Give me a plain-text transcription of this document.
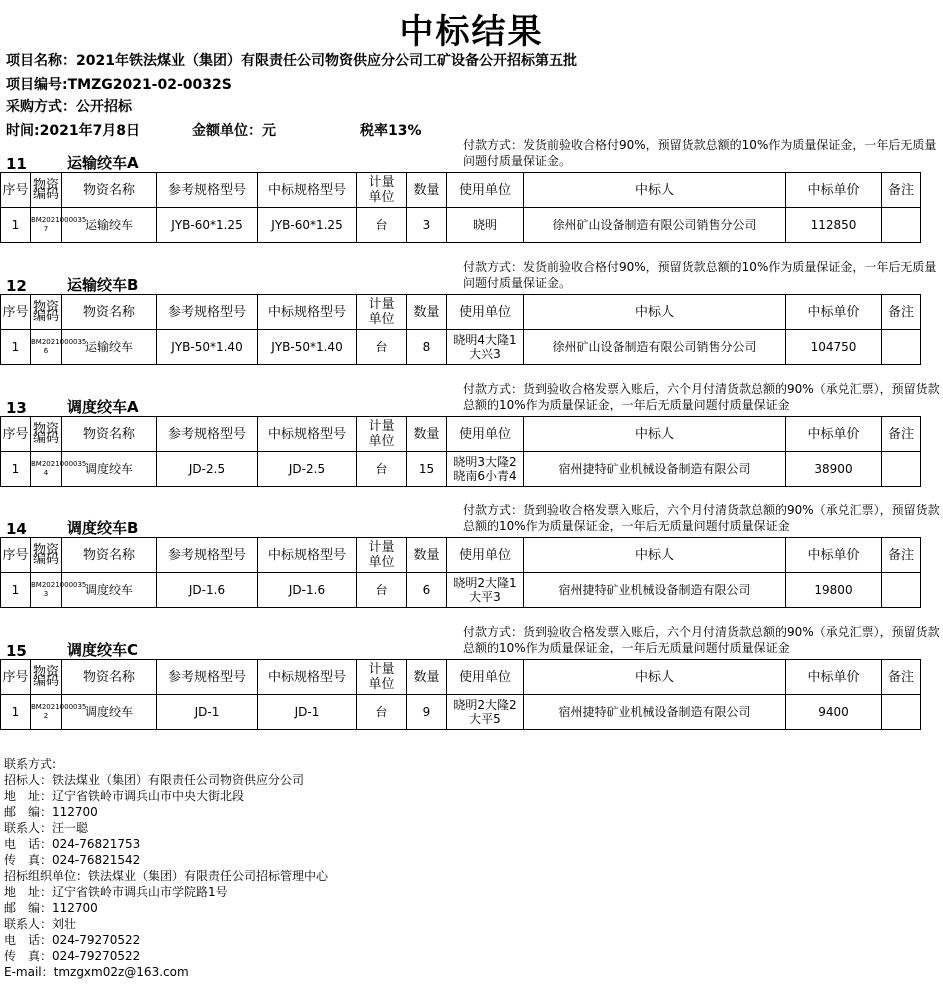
中标结果
项目名称：2021年铁法煤业（集团）有限责任公司物资供应分公司工矿设备公开招标第五批
项目编号:TMZG2021-02-0032S
采购方式：公开招标
时间:2021年7月8日	金额单位：元	税率13%
付款方式：发货前验收合格付90%，预留货款总额的10%作为质量保证金，一年后无质量问题付质量保证金。
11	运输绞车A
序号	物资编码	物资名称	参考规格型号	中标规格型号	计量单位	数量	使用单位	中标人	中标单价	备注
1	BM2021000035 7	运输绞车	JYB-60*1.25	JYB-60*1.25	台	3	晓明	徐州矿山设备制造有限公司销售分公司	112850	
付款方式：发货前验收合格付90%，预留货款总额的10%作为质量保证金，一年后无质量问题付质量保证金。
12	运输绞车B
序号	物资编码	物资名称	参考规格型号	中标规格型号	计量单位	数量	使用单位	中标人	中标单价	备注
1	BM2021000035 6	运输绞车	JYB-50*1.40	JYB-50*1.40	台	8	晓明4大隆1大兴3	徐州矿山设备制造有限公司销售分公司	104750	
付款方式：货到验收合格发票入账后，六个月付清货款总额的90%（承兑汇票），预留货款总额的10%作为质量保证金，一年后无质量问题付质量保证金
13	调度绞车A
序号	物资编码	物资名称	参考规格型号	中标规格型号	计量单位	数量	使用单位	中标人	中标单价	备注
1	BM2021000035 4	调度绞车	JD-2.5	JD-2.5	台	15	晓明3大隆2晓南6小青4	宿州捷特矿业机械设备制造有限公司	38900	
付款方式：货到验收合格发票入账后，六个月付清货款总额的90%（承兑汇票），预留货款总额的10%作为质量保证金，一年后无质量问题付质量保证金
14	调度绞车B
序号	物资编码	物资名称	参考规格型号	中标规格型号	计量单位	数量	使用单位	中标人	中标单价	备注
1	BM2021000035 3	调度绞车	JD-1.6	JD-1.6	台	6	晓明2大隆1大平3	宿州捷特矿业机械设备制造有限公司	19800	
付款方式：货到验收合格发票入账后，六个月付清货款总额的90%（承兑汇票），预留货款总额的10%作为质量保证金，一年后无质量问题付质量保证金
15	调度绞车C
序号	物资编码	物资名称	参考规格型号	中标规格型号	计量单位	数量	使用单位	中标人	中标单价	备注
1	BM2021000035 2	调度绞车	JD-1	JD-1	台	9	晓明2大隆2大平5	宿州捷特矿业机械设备制造有限公司	9400	
联系方式:
招标人：铁法煤业（集团）有限责任公司物资供应分公司
地　址：辽宁省铁岭市调兵山市中央大街北段
邮　编：112700
联系人：汪一聪
电　话：024-76821753
传　真：024-76821542
招标组织单位：铁法煤业（集团）有限责任公司招标管理中心
地　址：辽宁省铁岭市调兵山市学院路1号
邮　编：112700
联系人：刘壮
电　话：024-79270522
传　真：024-79270522
E-mail：tmzgxm02z@163.com
